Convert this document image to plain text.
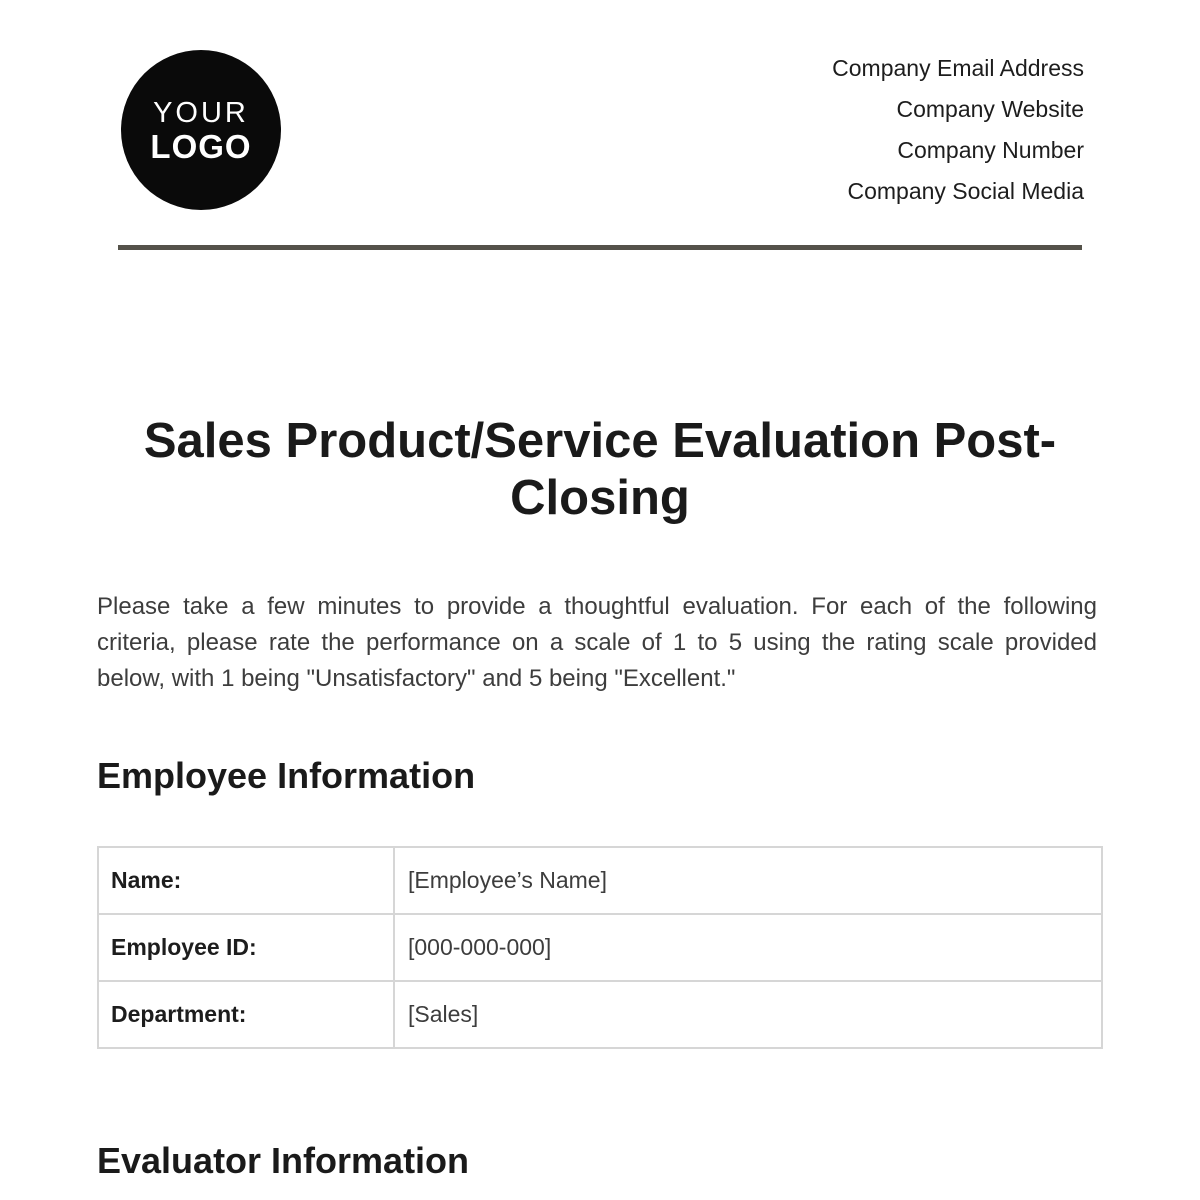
YOUR
LOGO
Company Email Address
Company Website
Company Number
Company Social Media
Sales Product/Service Evaluation Post-Closing
Please take a few minutes to provide a thoughtful evaluation. For each of the following
criteria, please rate the performance on a scale of 1 to 5 using the rating scale provided
below, with 1 being "Unsatisfactory" and 5 being "Excellent."
Employee Information
Name:	[Employee’s Name]
Employee ID:	[000-000-000]
Department:	[Sales]
Evaluator Information
